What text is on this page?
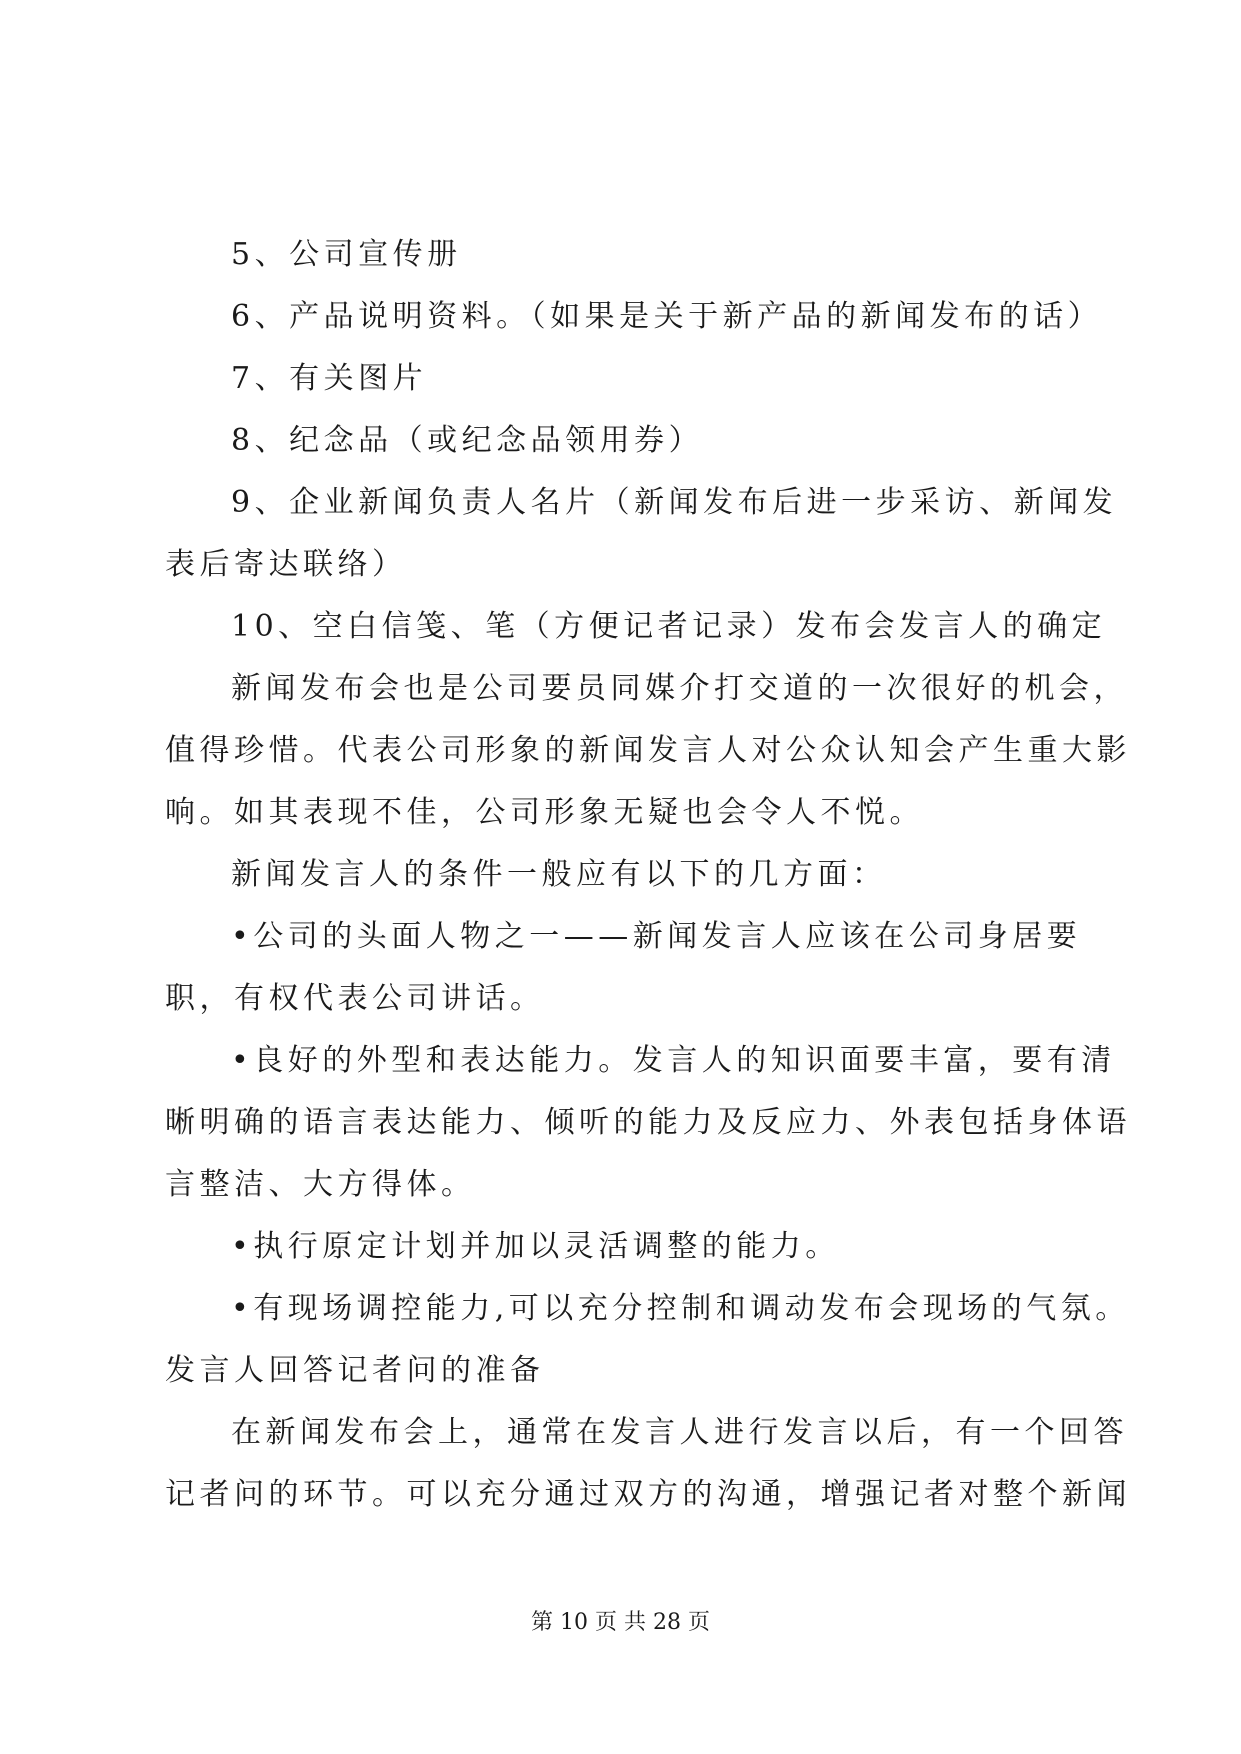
5、公司宣传册
6、产品说明资料。（如果是关于新产品的新闻发布的话）
7、有关图片
8、纪念品（或纪念品领用券）
9、企业新闻负责人名片（新闻发布后进一步采访、新闻发
表后寄达联络）
10、空白信笺、笔（方便记者记录）发布会发言人的确定
新闻发布会也是公司要员同媒介打交道的一次很好的机会，
值得珍惜。代表公司形象的新闻发言人对公众认知会产生重大影
响。如其表现不佳，公司形象无疑也会令人不悦。
新闻发言人的条件一般应有以下的几方面：
•公司的头面人物之一——新闻发言人应该在公司身居要
职，有权代表公司讲话。
•良好的外型和表达能力。发言人的知识面要丰富，要有清
晰明确的语言表达能力、倾听的能力及反应力、外表包括身体语
言整洁、大方得体。
•执行原定计划并加以灵活调整的能力。
•有现场调控能力,可以充分控制和调动发布会现场的气氛。
发言人回答记者问的准备
在新闻发布会上，通常在发言人进行发言以后，有一个回答
记者问的环节。可以充分通过双方的沟通，增强记者对整个新闻
第 10 页 共 28 页
